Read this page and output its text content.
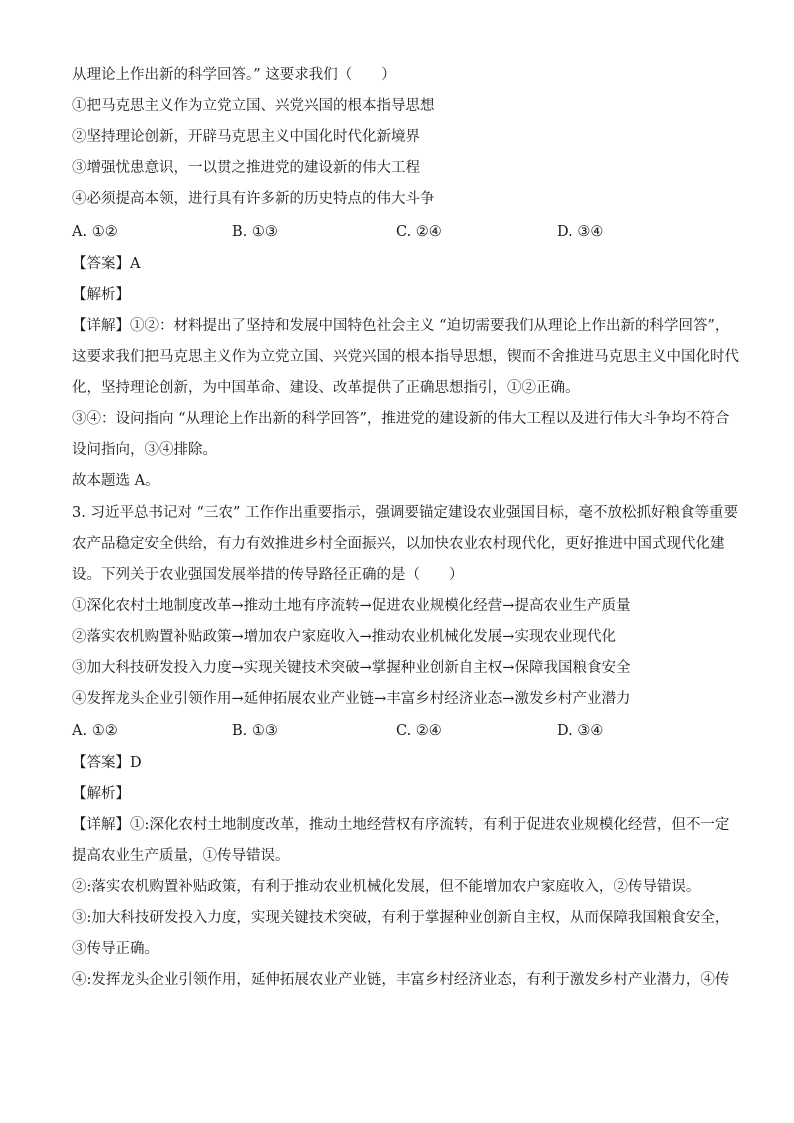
从理论上作出新的科学回答。” 这要求我们（　　）
①把马克思主义作为立党立国、兴党兴国的根本指导思想
②坚持理论创新，开辟马克思主义中国化时代化新境界
③增强忧患意识，一以贯之推进党的建设新的伟大工程
④必须提高本领，进行具有许多新的历史特点的伟大斗争
A. ①②	B. ①③	C. ②④	D. ③④
【答案】A
【解析】
【详解】①②：材料提出了坚持和发展中国特色社会主义 “迫切需要我们从理论上作出新的科学回答”，
这要求我们把马克思主义作为立党立国、兴党兴国的根本指导思想，锲而不舍推进马克思主义中国化时代
化，坚持理论创新，为中国革命、建设、改革提供了正确思想指引，①②正确。
③④：设问指向 “从理论上作出新的科学回答”，推进党的建设新的伟大工程以及进行伟大斗争均不符合
设问指向，③④排除。
故本题选 A。
3. 习近平总书记对 “三农” 工作作出重要指示，强调要锚定建设农业强国目标，毫不放松抓好粮食等重要
农产品稳定安全供给，有力有效推进乡村全面振兴，以加快农业农村现代化，更好推进中国式现代化建
设。下列关于农业强国发展举措的传导路径正确的是（　　）
①深化农村土地制度改革→推动土地有序流转→促进农业规模化经营→提高农业生产质量
②落实农机购置补贴政策→增加农户家庭收入→推动农业机械化发展→实现农业现代化
③加大科技研发投入力度→实现关键技术突破→掌握种业创新自主权→保障我国粮食安全
④发挥龙头企业引领作用→延伸拓展农业产业链→丰富乡村经济业态→激发乡村产业潜力
A. ①②	B. ①③	C. ②④	D. ③④
【答案】D
【解析】
【详解】①:深化农村土地制度改革，推动土地经营权有序流转，有利于促进农业规模化经营，但不一定
提高农业生产质量，①传导错误。
②:落实农机购置补贴政策，有利于推动农业机械化发展，但不能增加农户家庭收入，②传导错误。
③:加大科技研发投入力度，实现关键技术突破，有利于掌握种业创新自主权，从而保障我国粮食安全，
③传导正确。
④:发挥龙头企业引领作用，延伸拓展农业产业链，丰富乡村经济业态，有利于激发乡村产业潜力，④传
